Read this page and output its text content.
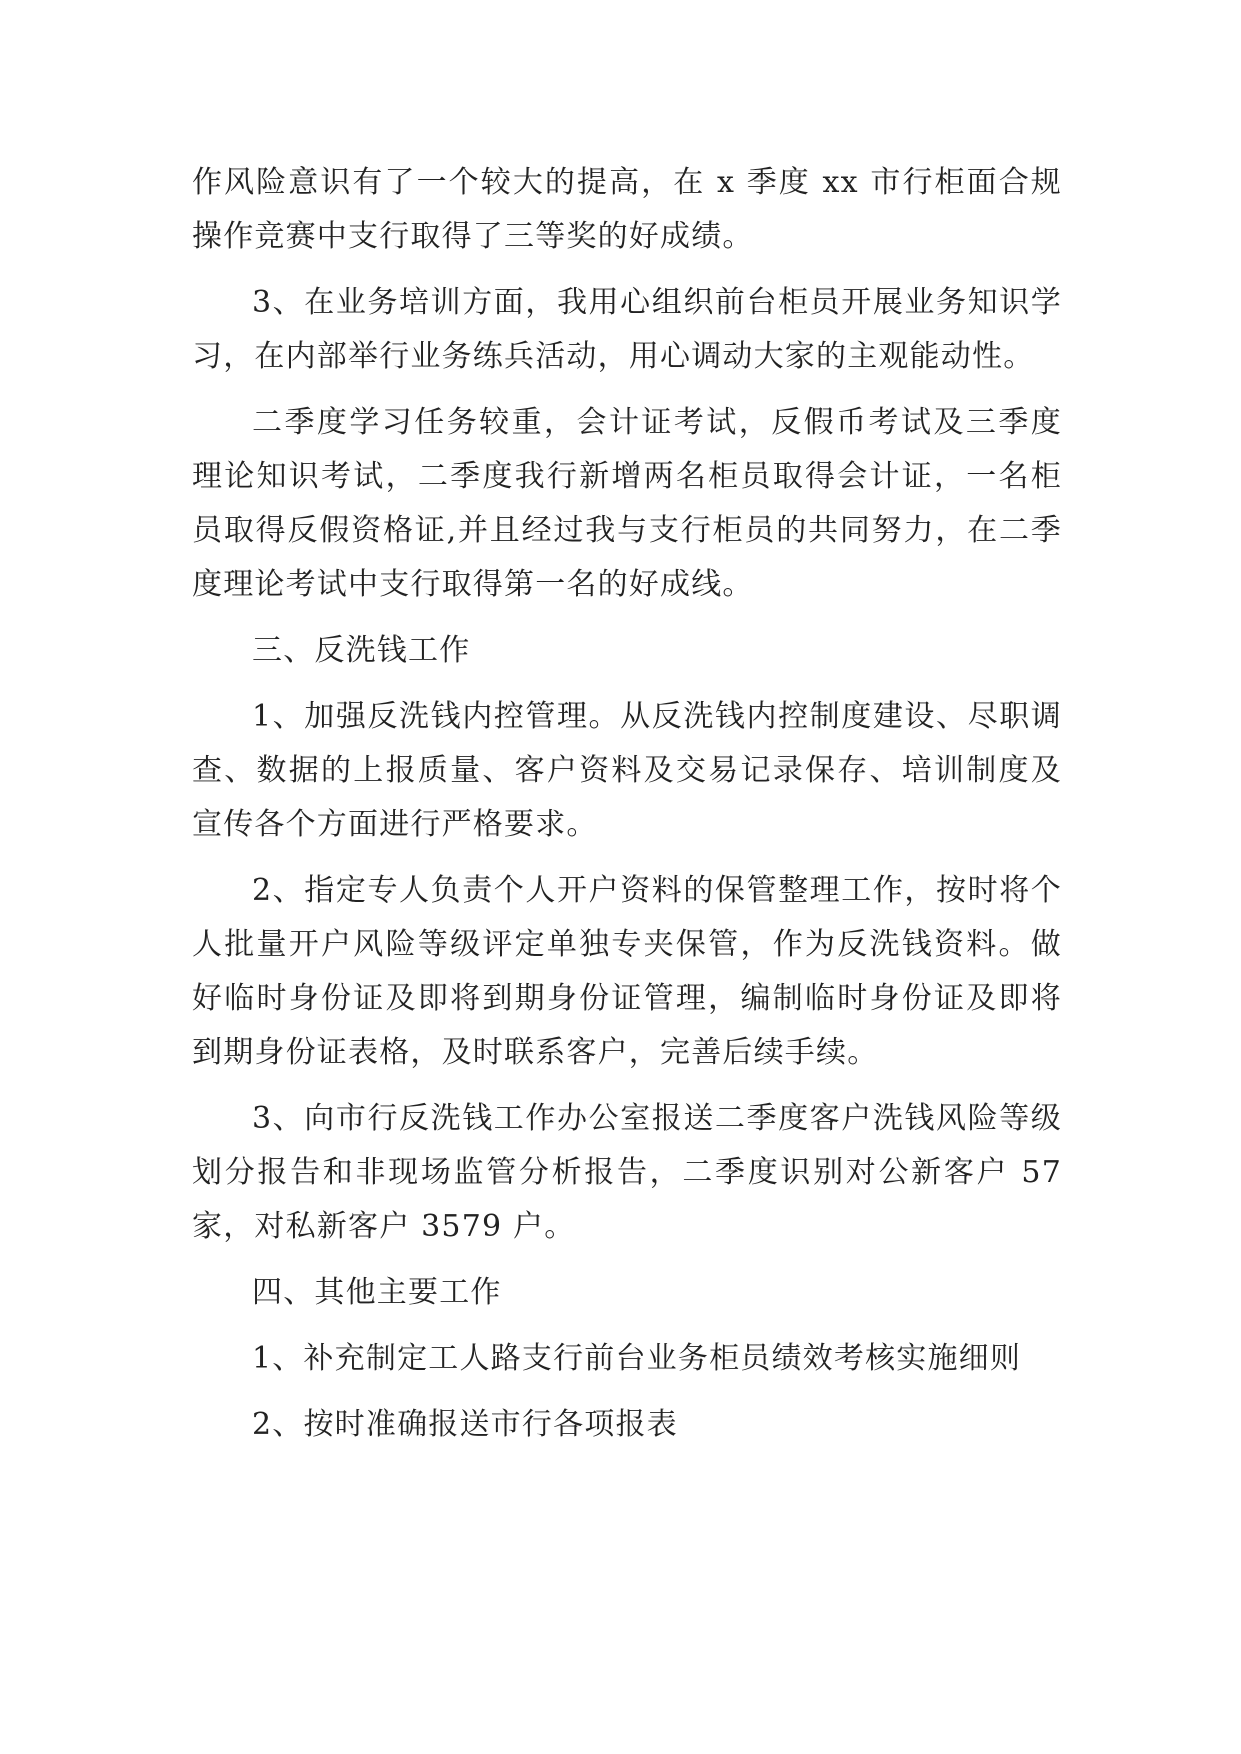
作风险意识有了一个较大的提高，在 x 季度 xx 市行柜面合规操作竞赛中支行取得了三等奖的好成绩。

3、在业务培训方面，我用心组织前台柜员开展业务知识学习，在内部举行业务练兵活动，用心调动大家的主观能动性。

二季度学习任务较重，会计证考试，反假币考试及三季度理论知识考试，二季度我行新增两名柜员取得会计证，一名柜员取得反假资格证,并且经过我与支行柜员的共同努力，在二季度理论考试中支行取得第一名的好成线。

三、反洗钱工作

1、加强反洗钱内控管理。从反洗钱内控制度建设、尽职调查、数据的上报质量、客户资料及交易记录保存、培训制度及宣传各个方面进行严格要求。

2、指定专人负责个人开户资料的保管整理工作，按时将个人批量开户风险等级评定单独专夹保管，作为反洗钱资料。做好临时身份证及即将到期身份证管理，编制临时身份证及即将到期身份证表格，及时联系客户，完善后续手续。

3、向市行反洗钱工作办公室报送二季度客户洗钱风险等级划分报告和非现场监管分析报告，二季度识别对公新客户 57 家，对私新客户 3579 户。

四、其他主要工作

1、补充制定工人路支行前台业务柜员绩效考核实施细则

2、按时准确报送市行各项报表
